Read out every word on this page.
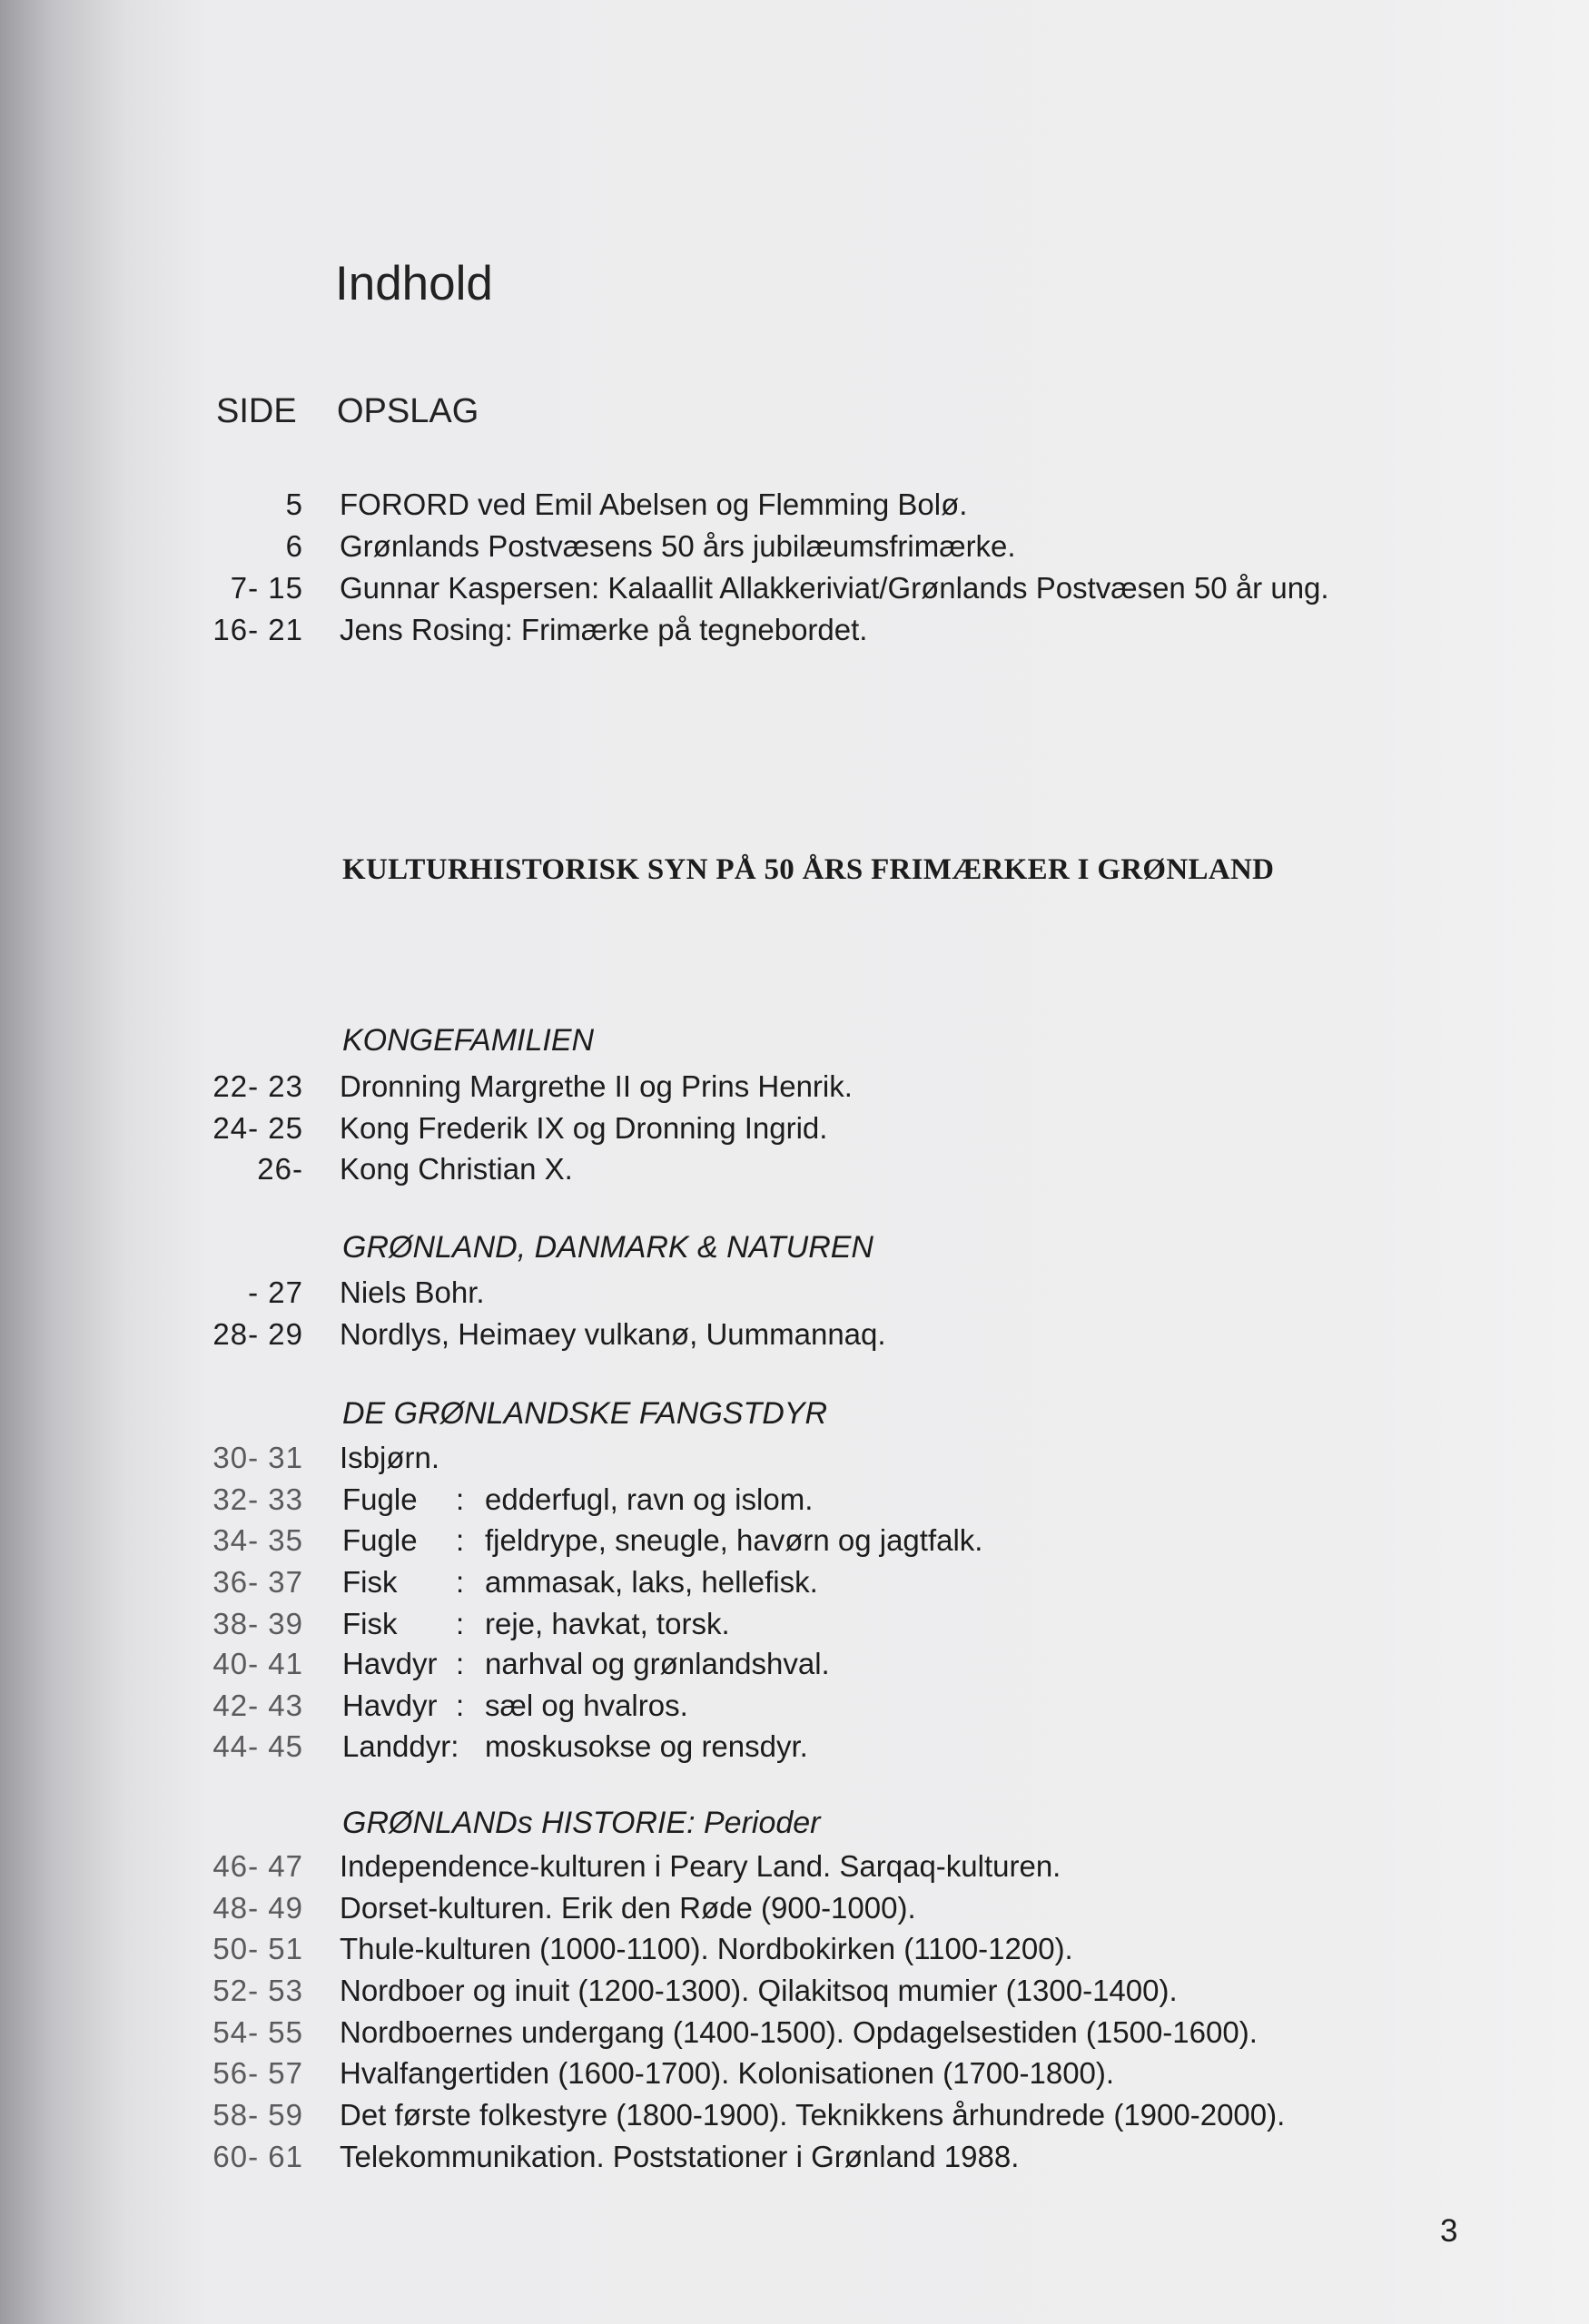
Indhold
SIDE OPSLAG
5 FORORD ved Emil Abelsen og Flemming Bolø.
6 Grønlands Postvæsens 50 års jubilæumsfrimærke.
7- 15 Gunnar Kaspersen: Kalaallit Allakkeriviat/Grønlands Postvæsen 50 år ung.
16- 21 Jens Rosing: Frimærke på tegnebordet.
KULTURHISTORISK SYN PÅ 50 ÅRS FRIMÆRKER I GRØNLAND
KONGEFAMILIEN
22- 23 Dronning Margrethe II og Prins Henrik.
24- 25 Kong Frederik IX og Dronning Ingrid.
26- Kong Christian X.
GRØNLAND, DANMARK & NATUREN
- 27 Niels Bohr.
28- 29 Nordlys, Heimaey vulkanø, Uummannaq.
DE GRØNLANDSKE FANGSTDYR
30- 31 Isbjørn.
32- 33 Fugle : edderfugl, ravn og islom.
34- 35 Fugle : fjeldrype, sneugle, havørn og jagtfalk.
36- 37 Fisk : ammasak, laks, hellefisk.
38- 39 Fisk : reje, havkat, torsk.
40- 41 Havdyr : narhval og grønlandshval.
42- 43 Havdyr : sæl og hvalros.
44- 45 Landdyr: moskusokse og rensdyr.
GRØNLANDs HISTORIE: Perioder
46- 47 Independence-kulturen i Peary Land. Sarqaq-kulturen.
48- 49 Dorset-kulturen. Erik den Røde (900-1000).
50- 51 Thule-kulturen (1000-1100). Nordbokirken (1100-1200).
52- 53 Nordboer og inuit (1200-1300). Qilakitsoq mumier (1300-1400).
54- 55 Nordboernes undergang (1400-1500). Opdagelsestiden (1500-1600).
56- 57 Hvalfangertiden (1600-1700). Kolonisationen (1700-1800).
58- 59 Det første folkestyre (1800-1900). Teknikkens århundrede (1900-2000).
60- 61 Telekommunikation. Poststationer i Grønland 1988.
3
